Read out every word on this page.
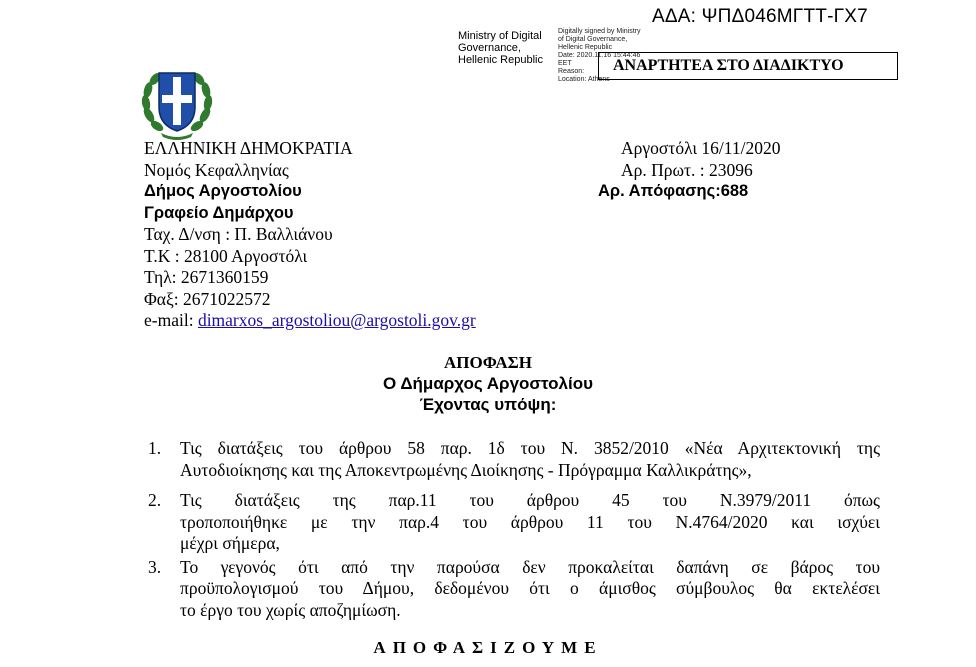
ΑΔΑ: ΨΠΔ046ΜΓΤΤ-ΓΧ7
Ministry of Digital
Governance,
Hellenic Republic
Digitally signed by Ministry
of Digital Governance,
Hellenic Republic
Date: 2020.11.16 15:44:46
EET
Reason:
Location: Athens
ΑΝΑΡΤΗΤΕΑ ΣΤΟ ΔΙΑΔΙΚΤΥΟ
ΕΛΛΗΝΙΚΗ ΔΗΜΟΚΡΑΤΙΑ
Νομός Κεφαλληνίας
Δήμος Αργοστολίου
Γραφείο Δημάρχου
Ταχ. Δ/νση : Π. Βαλλιάνου
Τ.Κ : 28100 Αργοστόλι
Τηλ: 2671360159
Φαξ: 2671022572
e-mail: dimarxos_argostoliou@argostoli.gov.gr
Αργοστόλι 16/11/2020
Αρ. Πρωτ. : 23096
Αρ. Απόφασης:688
ΑΠΟΦΑΣΗ
Ο Δήμαρχος Αργοστολίου
Έχοντας υπόψη:
1. Τις διατάξεις του άρθρου 58 παρ. 1δ του Ν. 3852/2010 «Νέα Αρχιτεκτονική της
Αυτοδιοίκησης και της Αποκεντρωμένης Διοίκησης - Πρόγραμμα Καλλικράτης»,
2. Τις διατάξεις της παρ.11 του άρθρου 45 του Ν.3979/2011 όπως
τροποποιήθηκε με την παρ.4 του άρθρου 11 του Ν.4764/2020 και ισχύει
μέχρι σήμερα,
3. Το γεγονός ότι από την παρούσα δεν προκαλείται δαπάνη σε βάρος του
προϋπολογισμού του Δήμου, δεδομένου ότι ο άμισθος σύμβουλος θα εκτελέσει
το έργο του χωρίς αποζημίωση.
ΑΠΟΦΑΣΙΖΟΥΜΕ
